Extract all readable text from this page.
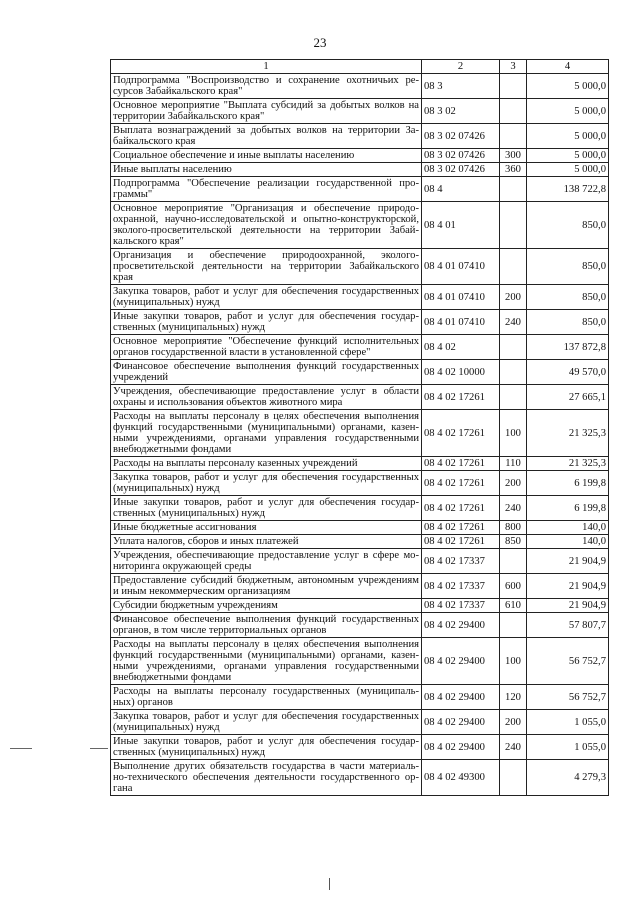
23
1	2	3	4
Подпрограмма "Воспроизводство и сохранение охотничьих ре-сурсов Забайкальского края"	08 3		5 000,0
Основное мероприятие "Выплата субсидий за добытых волков на территории Забайкальского края"	08 3 02		5 000,0
Выплата вознаграждений за добытых волков на территории За-байкальского края	08 3 02 07426		5 000,0
Социальное обеспечение и иные выплаты населению	08 3 02 07426	300	5 000,0
Иные выплаты населению	08 3 02 07426	360	5 000,0
Подпрограмма "Обеспечение реализации государственной про-граммы"	08 4		138 722,8
Основное мероприятие "Организация и обеспечение природо-охранной, научно-исследовательской и опытно-конструкторской, эколого-просветительской деятельности на территории Забай-кальского края"	08 4 01		850,0
Организация и обеспечение природоохранной, эколого-просветительской деятельности на территории Забайкальского края	08 4 01 07410		850,0
Закупка товаров, работ и услуг для обеспечения государственных (муниципальных) нужд	08 4 01 07410	200	850,0
Иные закупки товаров, работ и услуг для обеспечения государ-ственных (муниципальных) нужд	08 4 01 07410	240	850,0
Основное мероприятие "Обеспечение функций исполнительных органов государственной власти в установленной сфере"	08 4 02		137 872,8
Финансовое обеспечение выполнения функций государственных учреждений	08 4 02 10000		49 570,0
Учреждения, обеспечивающие предоставление услуг в области охраны и использования объектов животного мира	08 4 02 17261		27 665,1
Расходы на выплаты персоналу в целях обеспечения выполнения функций государственными (муниципальными) органами, казен-ными учреждениями, органами управления государственными внебюджетными фондами	08 4 02 17261	100	21 325,3
Расходы на выплаты персоналу казенных учреждений	08 4 02 17261	110	21 325,3
Закупка товаров, работ и услуг для обеспечения государственных (муниципальных) нужд	08 4 02 17261	200	6 199,8
Иные закупки товаров, работ и услуг для обеспечения государ-ственных (муниципальных) нужд	08 4 02 17261	240	6 199,8
Иные бюджетные ассигнования	08 4 02 17261	800	140,0
Уплата налогов, сборов и иных платежей	08 4 02 17261	850	140,0
Учреждения, обеспечивающие предоставление услуг в сфере мо-ниторинга окружающей среды	08 4 02 17337		21 904,9
Предоставление субсидий бюджетным, автономным учреждениям и иным некоммерческим организациям	08 4 02 17337	600	21 904,9
Субсидии бюджетным учреждениям	08 4 02 17337	610	21 904,9
Финансовое обеспечение выполнения функций государственных органов, в том числе территориальных органов	08 4 02 29400		57 807,7
Расходы на выплаты персоналу в целях обеспечения выполнения функций государственными (муниципальными) органами, казен-ными учреждениями, органами управления государственными внебюджетными фондами	08 4 02 29400	100	56 752,7
Расходы на выплаты персоналу государственных (муниципаль-ных) органов	08 4 02 29400	120	56 752,7
Закупка товаров, работ и услуг для обеспечения государственных (муниципальных) нужд	08 4 02 29400	200	1 055,0
Иные закупки товаров, работ и услуг для обеспечения государ-ственных (муниципальных) нужд	08 4 02 29400	240	1 055,0
Выполнение других обязательств государства в части материаль-но-технического обеспечения деятельности государственного ор-гана	08 4 02 49300		4 279,3
